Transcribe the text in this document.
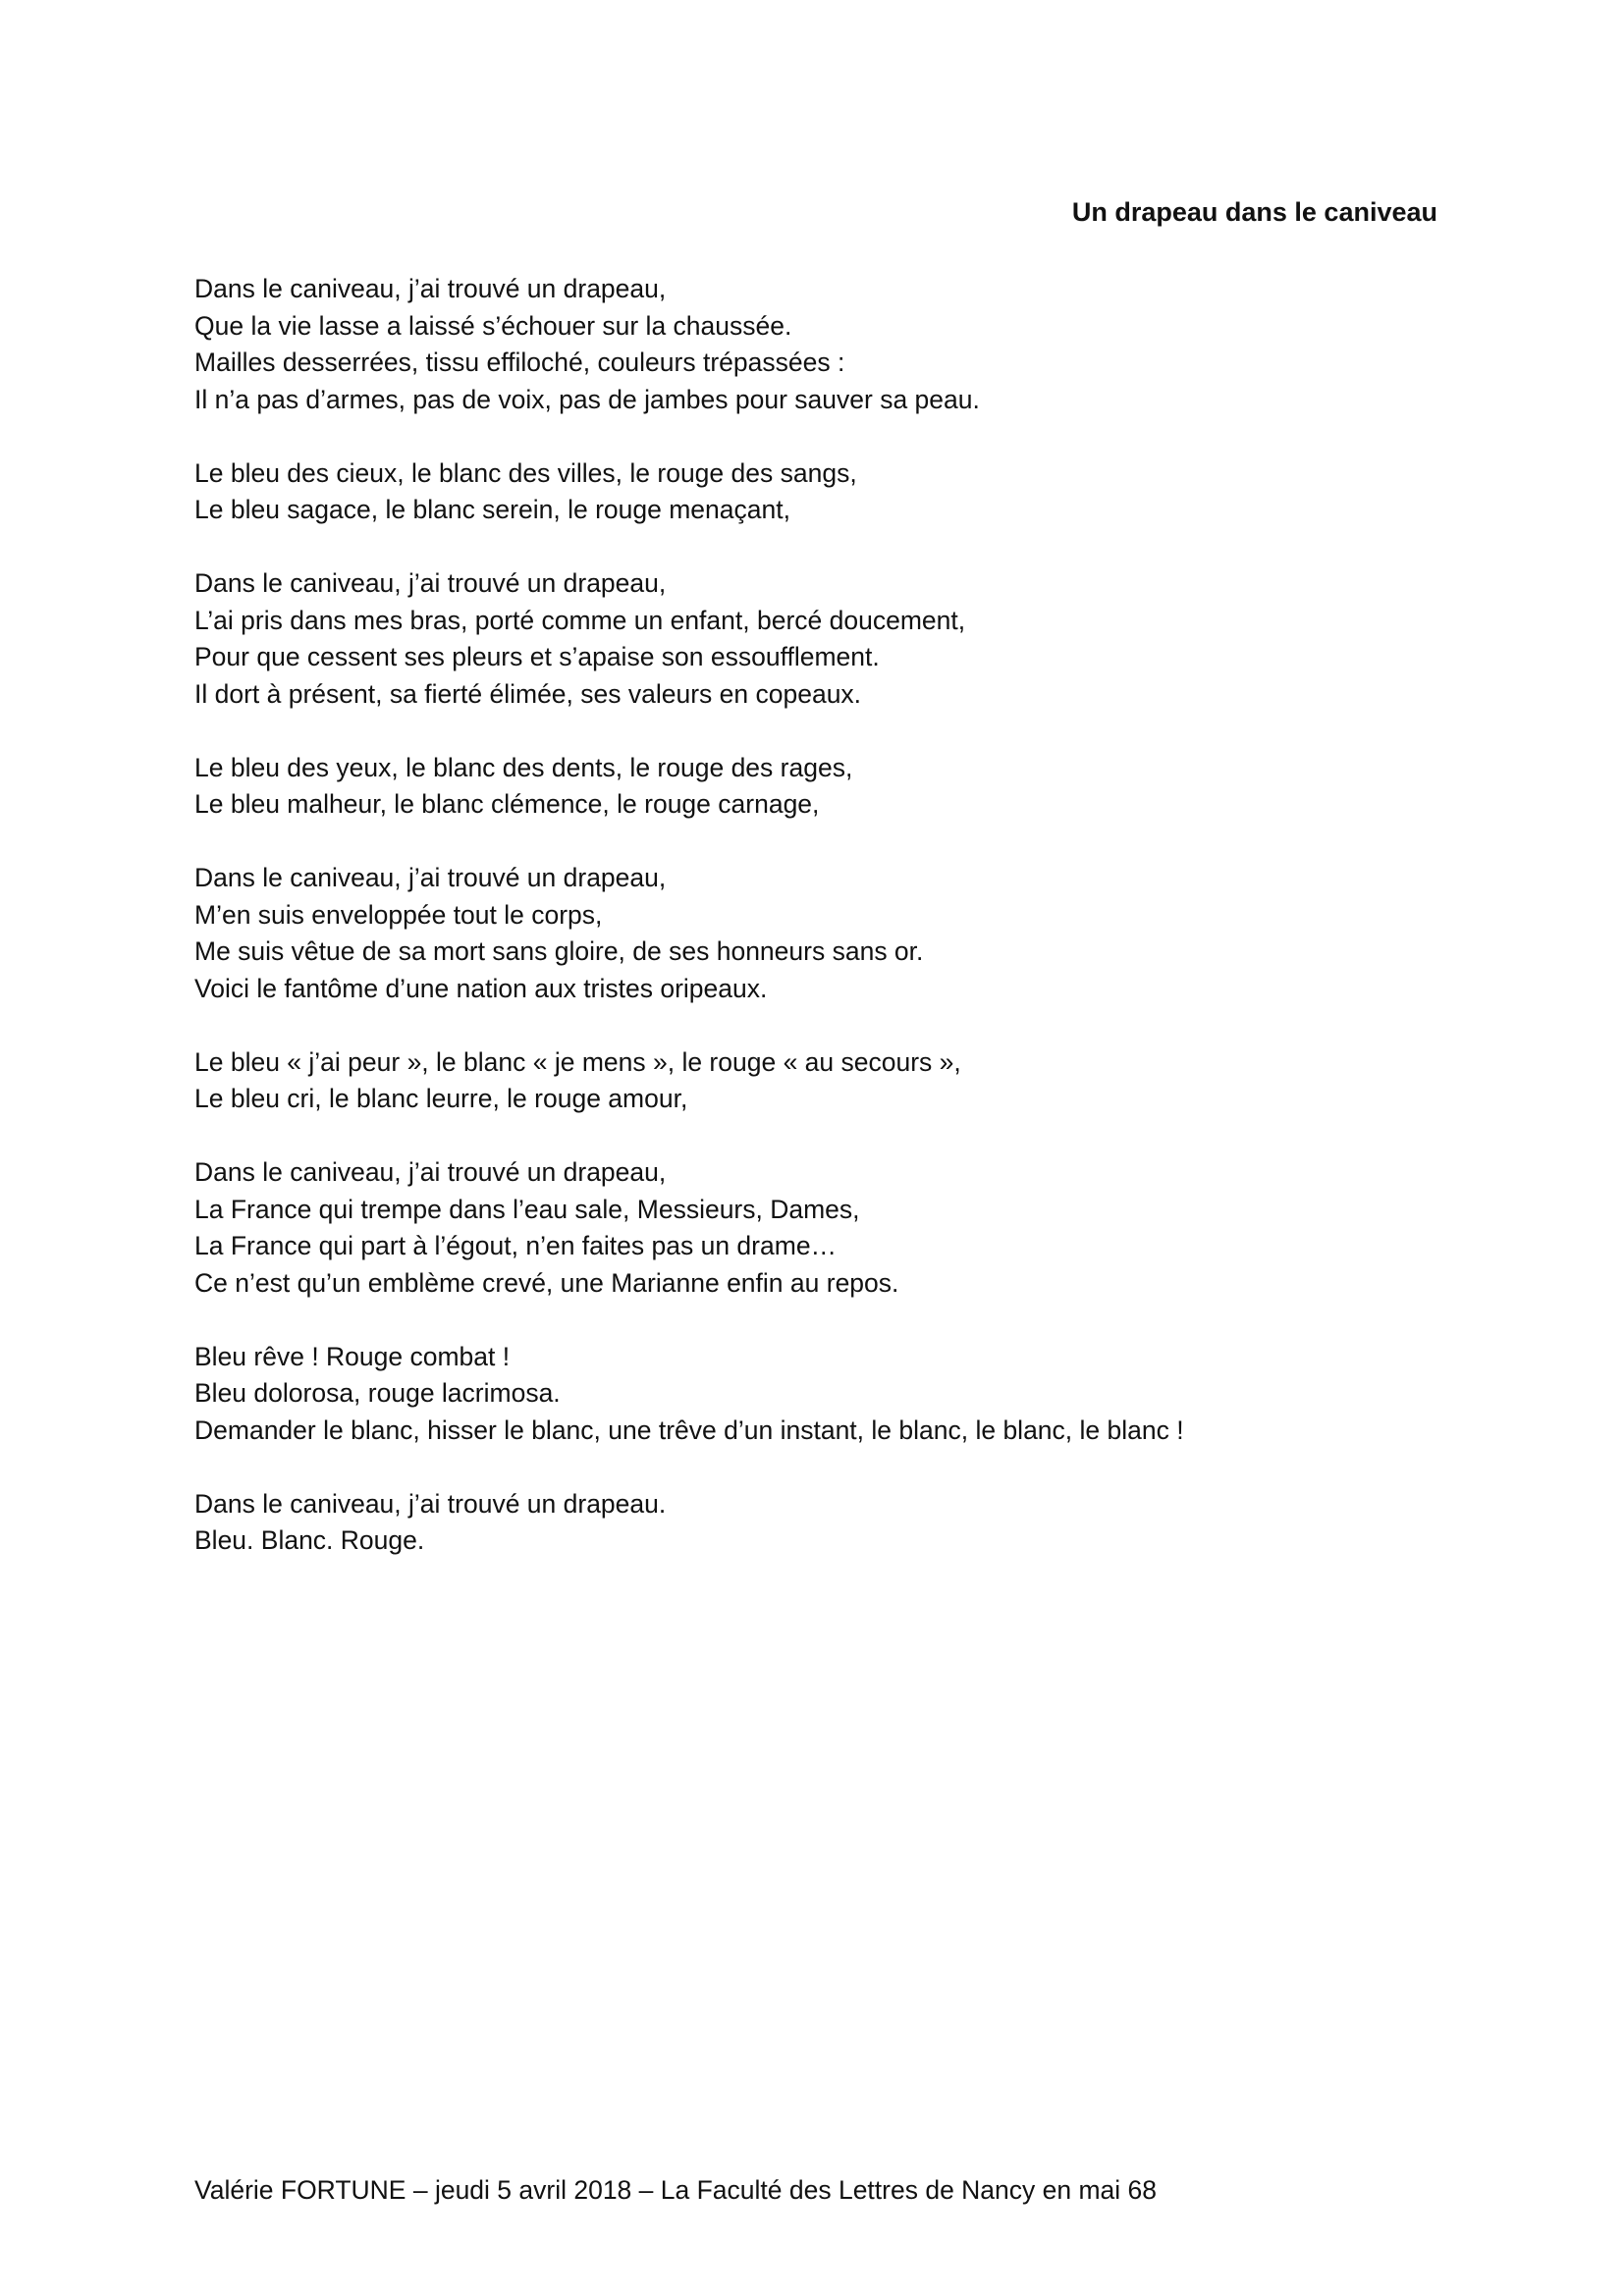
Un drapeau dans le caniveau
Dans le caniveau, j’ai trouvé un drapeau,
Que la vie lasse a laissé s’échouer sur la chaussée.
Mailles desserrées, tissu effiloché, couleurs trépassées :
Il n’a pas d’armes, pas de voix, pas de jambes pour sauver sa peau.
Le bleu des cieux, le blanc des villes, le rouge des sangs,
Le bleu sagace, le blanc serein, le rouge menaçant,
Dans le caniveau, j’ai trouvé un drapeau,
L’ai pris dans mes bras, porté comme un enfant, bercé doucement,
Pour que cessent ses pleurs et s’apaise son essoufflement.
Il dort à présent, sa fierté élimée, ses valeurs en copeaux.
Le bleu des yeux, le blanc des dents, le rouge des rages,
Le bleu malheur, le blanc clémence, le rouge carnage,
Dans le caniveau, j’ai trouvé un drapeau,
M’en suis enveloppée tout le corps,
Me suis vêtue de sa mort sans gloire, de ses honneurs sans or.
Voici le fantôme d’une nation aux tristes oripeaux.
Le bleu « j’ai peur », le blanc « je mens », le rouge « au secours »,
Le bleu cri, le blanc leurre, le rouge amour,
Dans le caniveau, j’ai trouvé un drapeau,
La France qui trempe dans l’eau sale, Messieurs, Dames,
La France qui part à l’égout, n’en faites pas un drame…
Ce n’est qu’un emblème crevé, une Marianne enfin au repos.
Bleu rêve ! Rouge combat !
Bleu dolorosa, rouge lacrimosa.
Demander le blanc, hisser le blanc, une trêve d’un instant, le blanc, le blanc, le blanc !
Dans le caniveau, j’ai trouvé un drapeau.
Bleu. Blanc. Rouge.
Valérie FORTUNE – jeudi 5 avril 2018 – La Faculté des Lettres de Nancy en mai 68
